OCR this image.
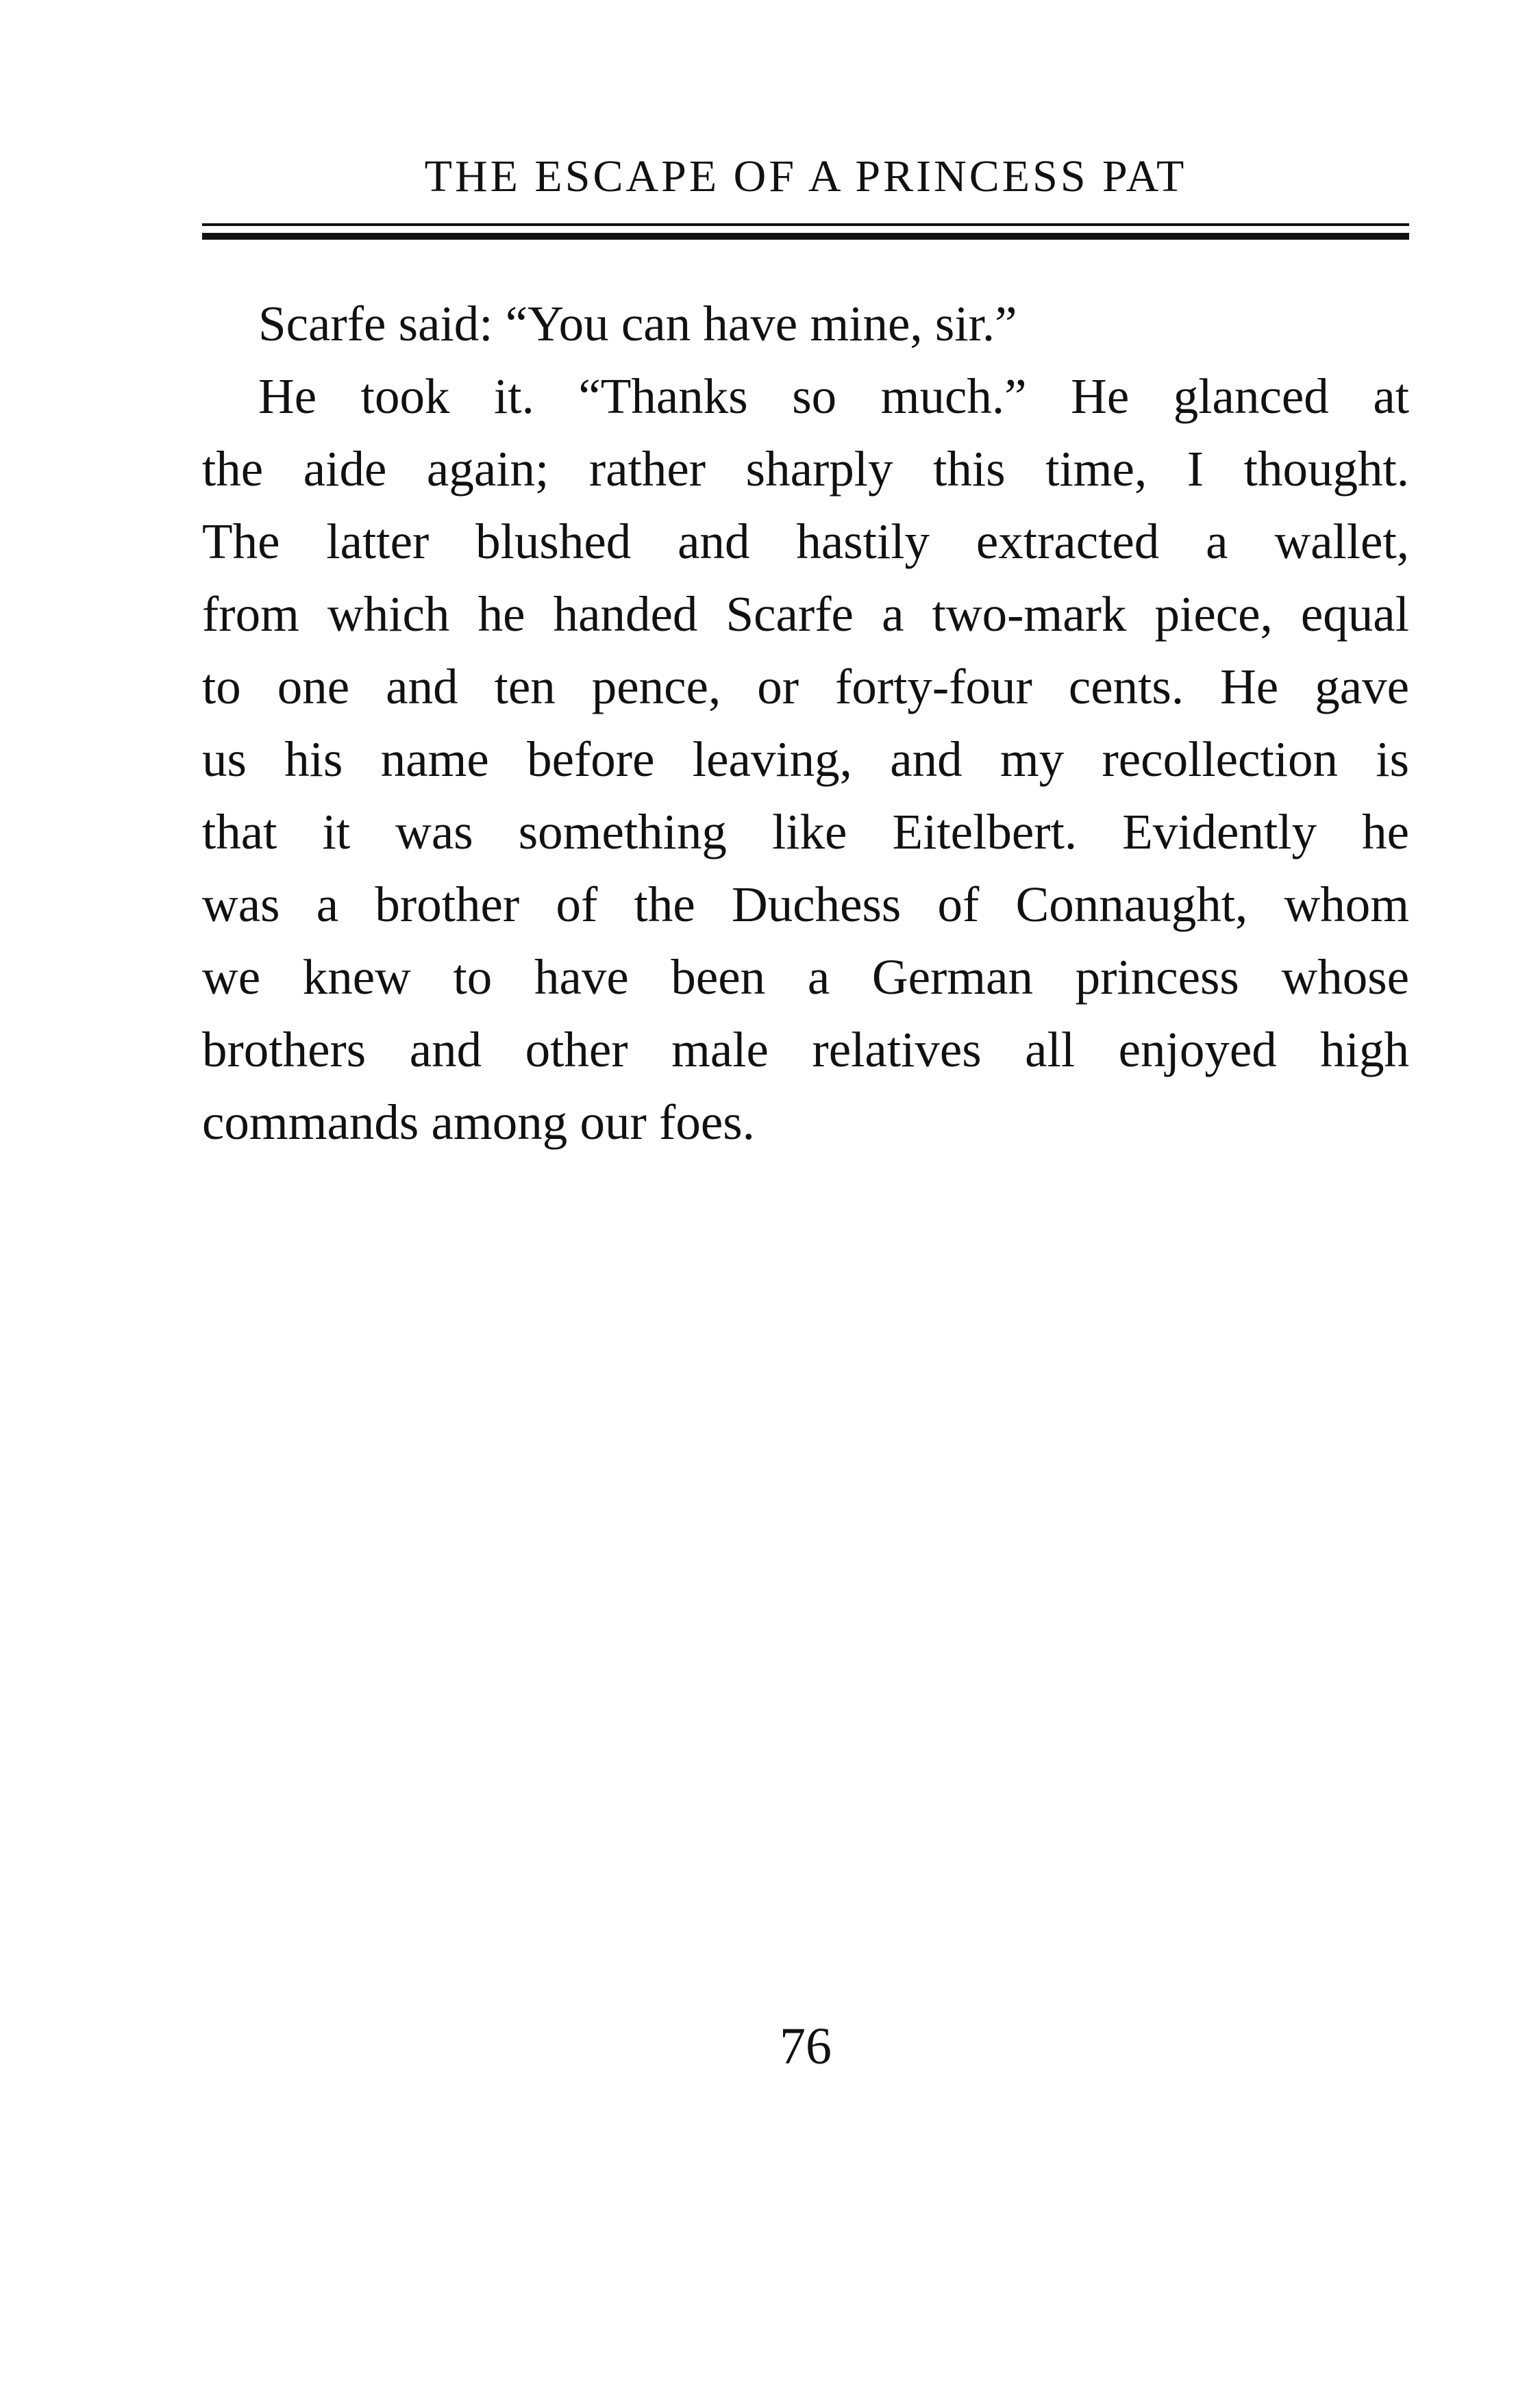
THE ESCAPE OF A PRINCESS PAT
Scarfe said: “You can have mine, sir.”
He took it. “Thanks so much.” He glanced at
the aide again; rather sharply this time, I thought.
The latter blushed and hastily extracted a wallet,
from which he handed Scarfe a two-mark piece, equal
to one and ten pence, or forty-four cents. He gave
us his name before leaving, and my recollection is
that it was something like Eitelbert. Evidently he
was a brother of the Duchess of Connaught, whom
we knew to have been a German princess whose
brothers and other male relatives all enjoyed high
commands among our foes.
76
